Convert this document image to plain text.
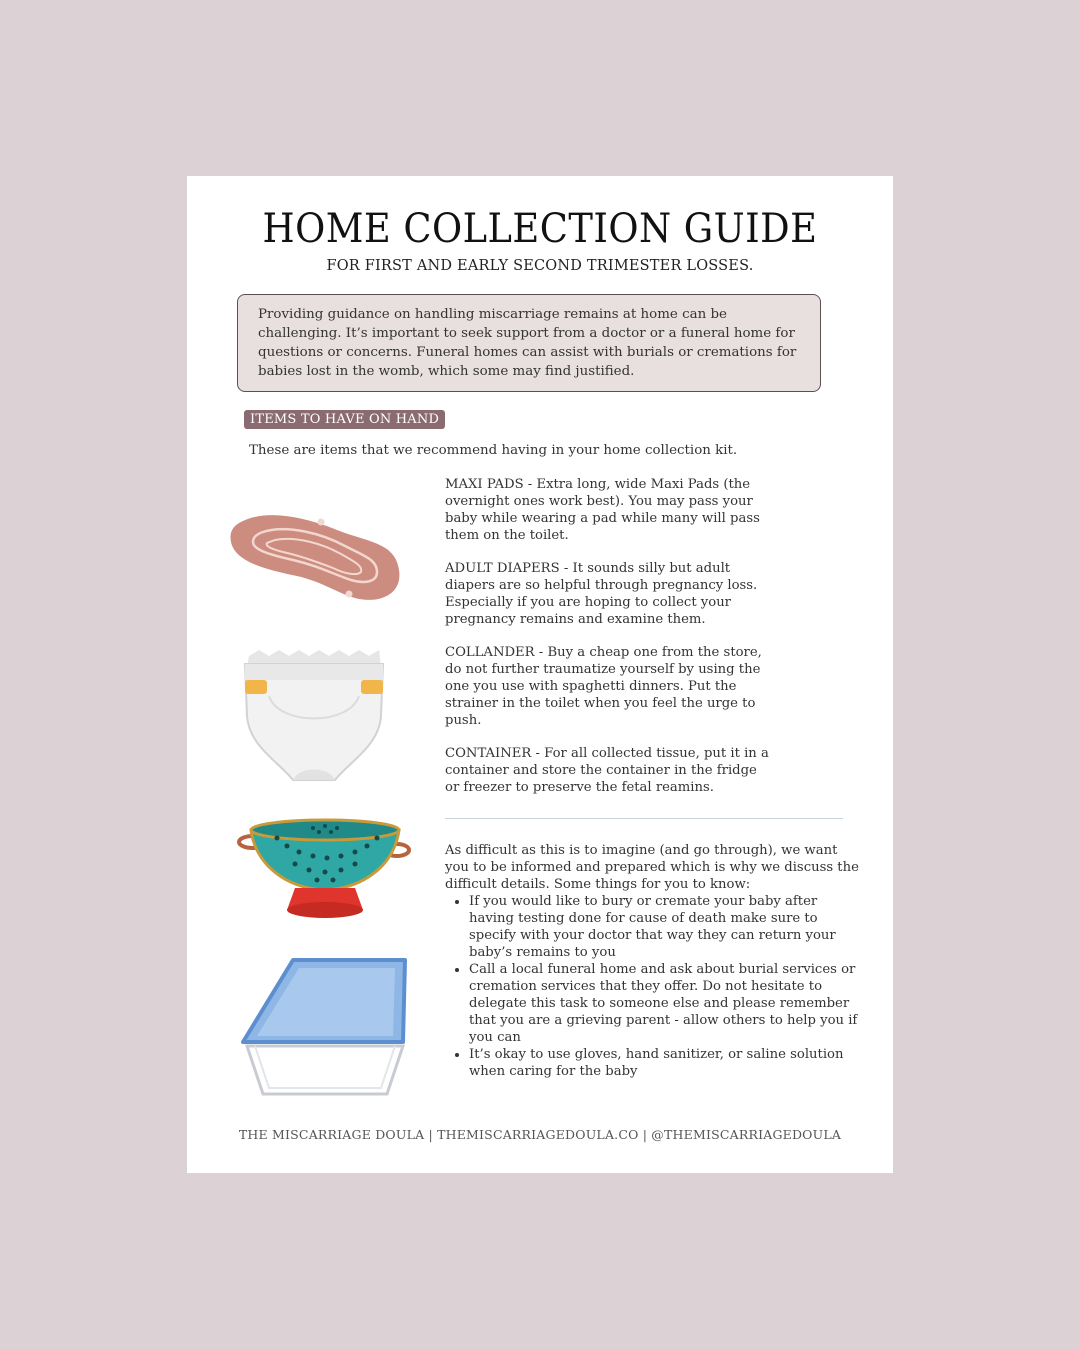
HOME COLLECTION GUIDE
FOR FIRST AND EARLY SECOND TRIMESTER LOSSES.
Providing guidance on handling miscarriage remains at home can be challenging. It’s important to seek support from a doctor or a funeral home for questions or concerns. Funeral homes can assist with burials or cremations for babies lost in the womb, which some may find justified.
ITEMS TO HAVE ON HAND
These are items that we recommend having in your home collection kit.

MAXI PADS - Extra long, wide Maxi Pads (the overnight ones work best). You may pass your baby while wearing a pad while many will pass them on the toilet.

ADULT DIAPERS - It sounds silly but adult diapers are so helpful through pregnancy loss. Especially if you are hoping to collect your pregnancy remains and examine them.

COLLANDER - Buy a cheap one from the store, do not further traumatize yourself by using the one you use with spaghetti dinners. Put the strainer in the toilet when you feel the urge to push.

CONTAINER - For all collected tissue, put it in a container and store the container in the fridge or freezer to preserve the fetal reamins.

As difficult as this is to imagine (and go through), we want you to be informed and prepared which is why we discuss the difficult details. Some things for you to know:

• If you would like to bury or cremate your baby after having testing done for cause of death make sure to specify with your doctor that way they can return your baby’s remains to you
• Call a local funeral home and ask about burial services or cremation services that they offer. Do not hesitate to delegate this task to someone else and please remember that you are a grieving parent - allow others to help you if you can
• It’s okay to use gloves, hand sanitizer, or saline solution when caring for the baby
THE MISCARRIAGE DOULA | THEMISCARRIAGEDOULA.CO | @THEMISCARRIAGEDOULA
